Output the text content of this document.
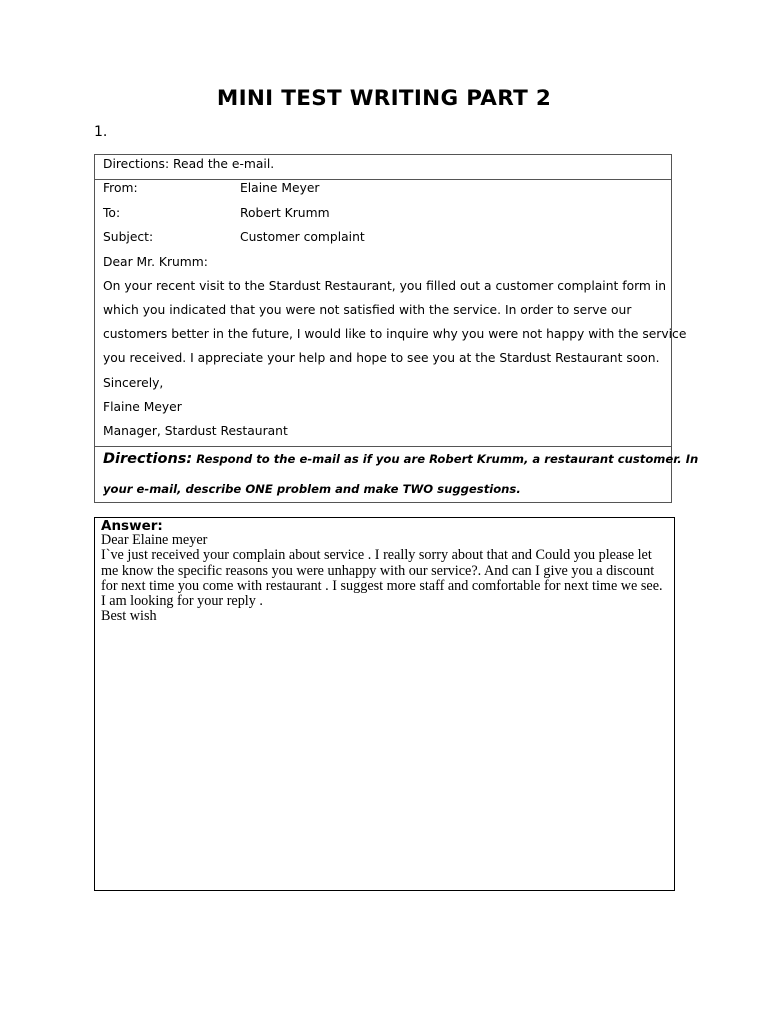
MINI TEST WRITING PART 2
1.
Directions: Read the e-mail.
From:	Elaine Meyer
To:	Robert Krumm
Subject:	Customer complaint
Dear Mr. Krumm:
On your recent visit to the Stardust Restaurant, you filled out a customer complaint form in
which you indicated that you were not satisfied with the service. In order to serve our
customers better in the future, I would like to inquire why you were not happy with the service
you received. I appreciate your help and hope to see you at the Stardust Restaurant soon.
Sincerely,
Flaine Meyer
Manager, Stardust Restaurant
Directions: Respond to the e-mail as if you are Robert Krumm, a restaurant customer. In
your e-mail, describe ONE problem and make TWO suggestions.
Answer:
Dear Elaine meyer
I`ve just received your complain about service . I really sorry about that and Could you please let
me know the specific reasons you were unhappy with our service?. And can I give you a discount
for next time you come with restaurant . I suggest more staff and comfortable for next time we see.
I am looking for your reply .
Best wish
